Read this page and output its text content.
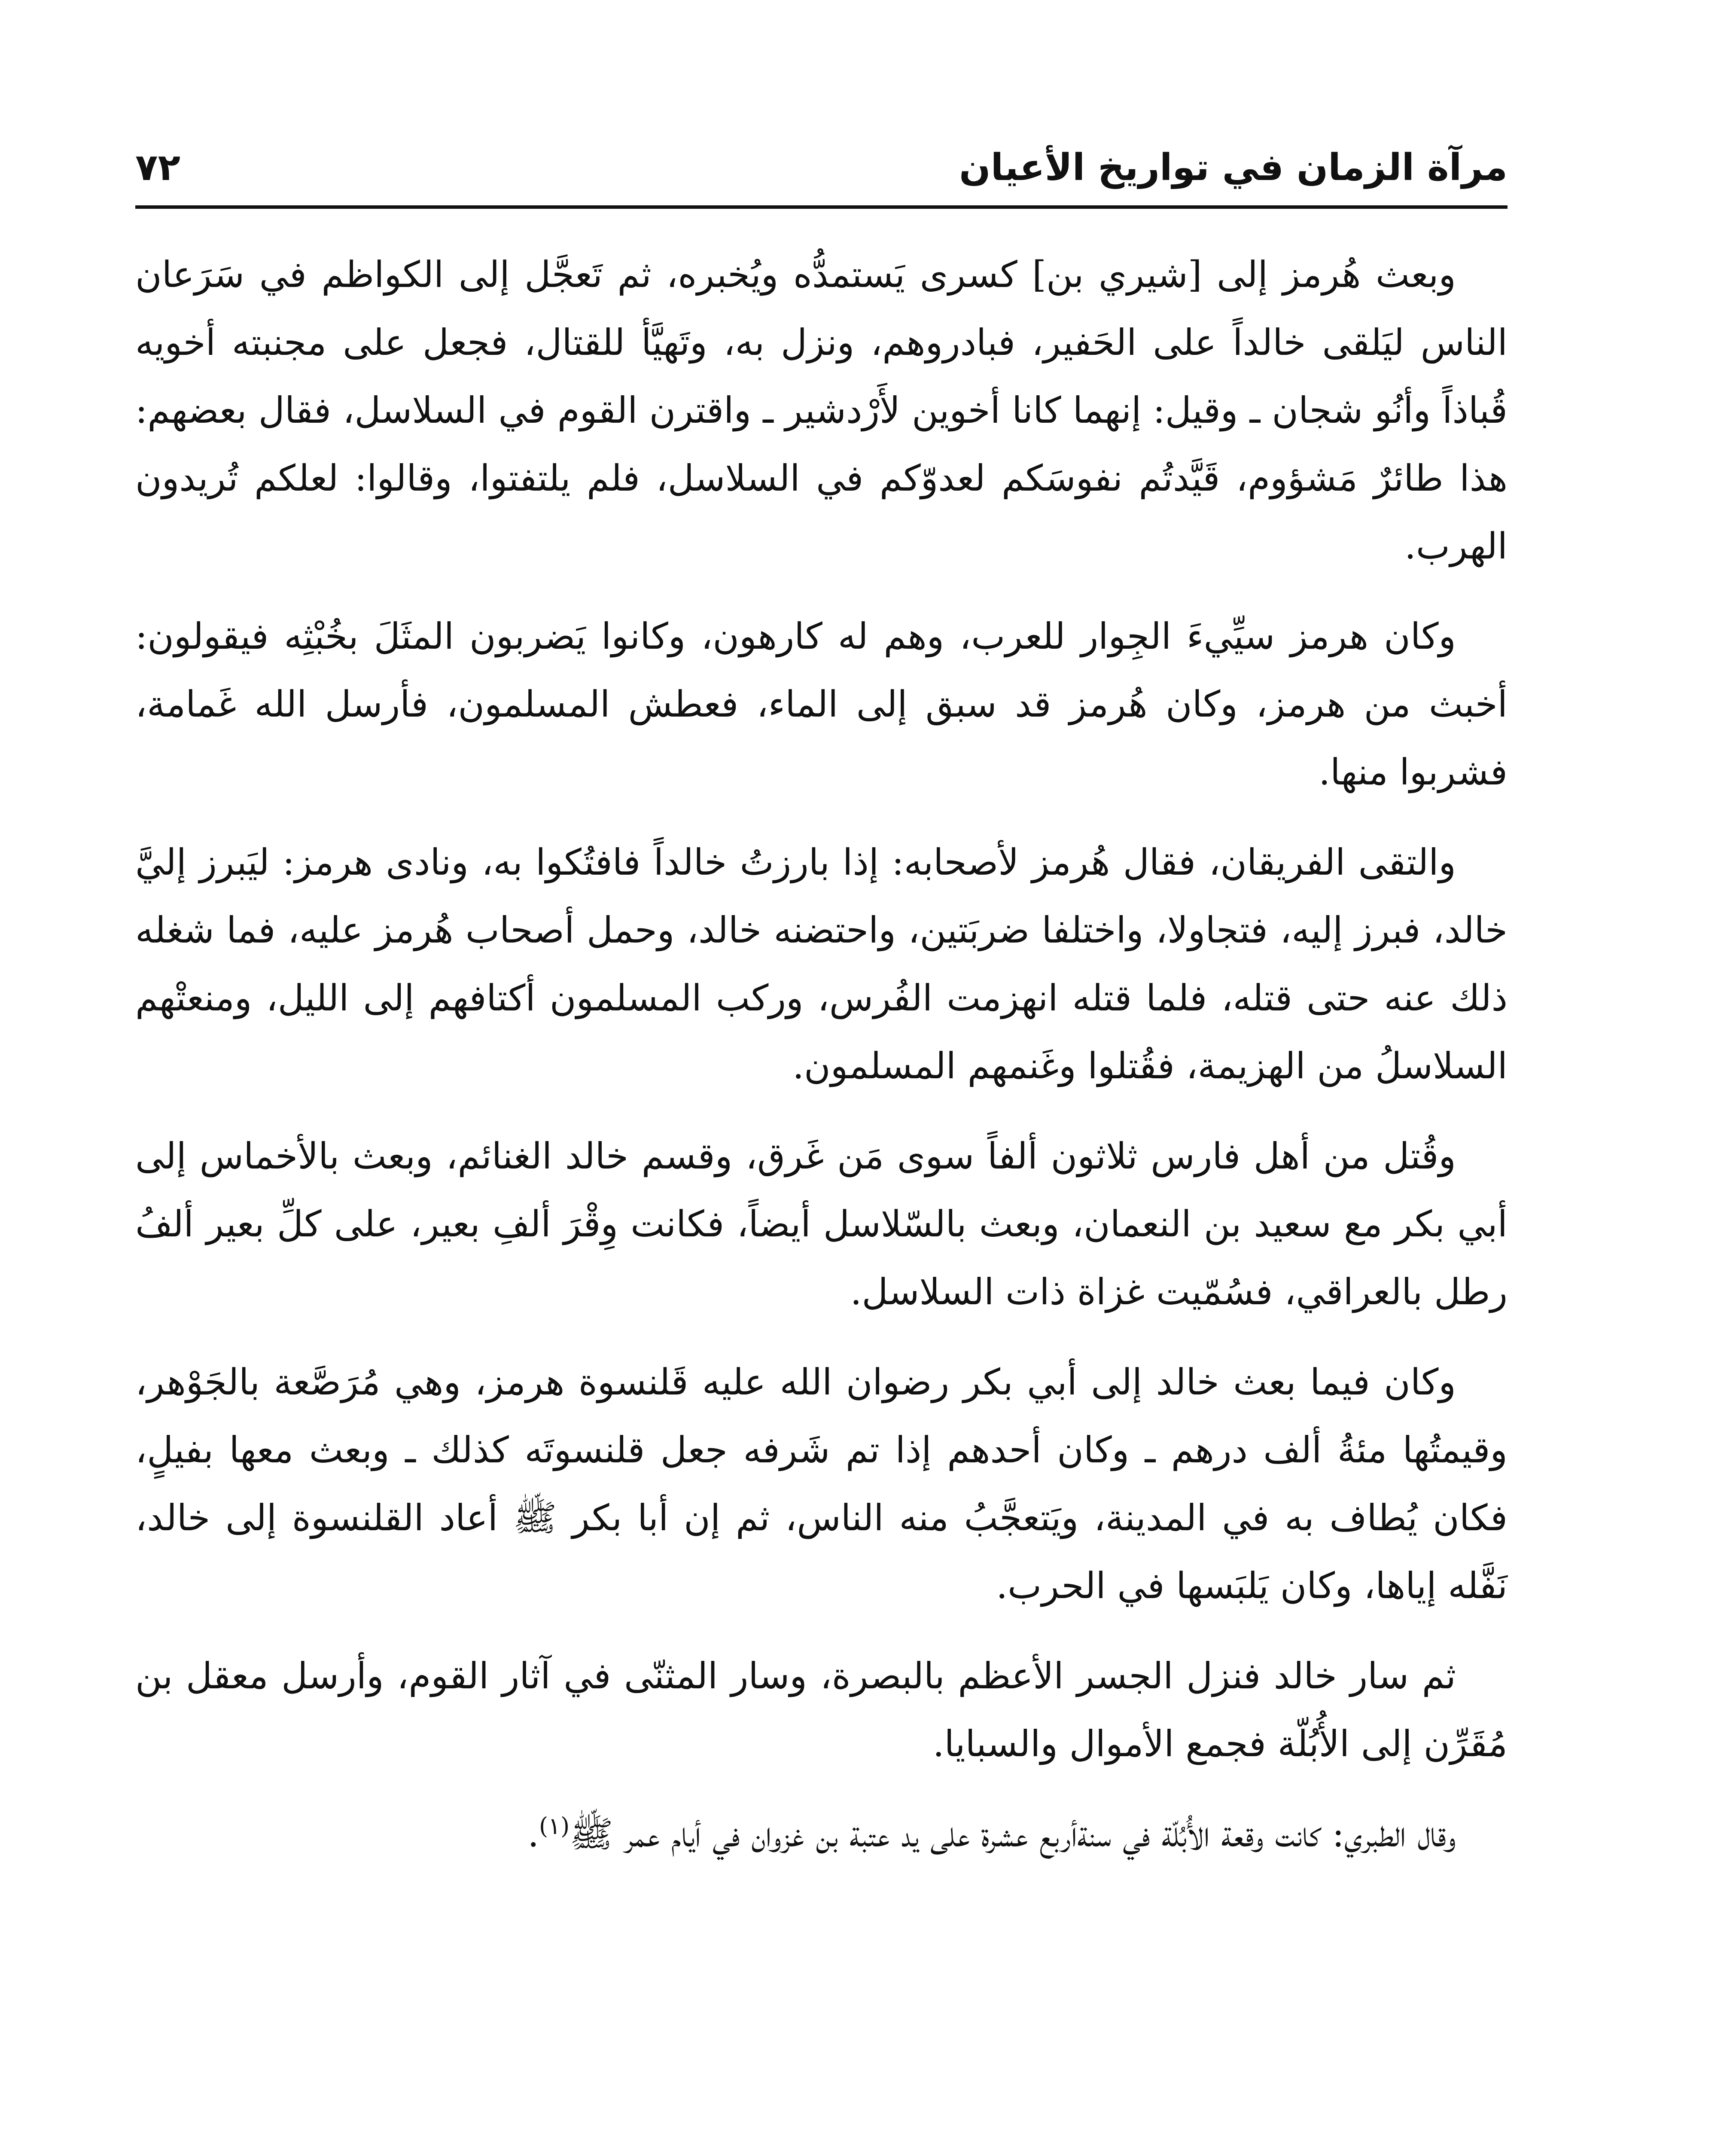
٧٢	مرآة الزمان في تواريخ الأعيان

وبعث هُرمز إلى [شيري بن] كسرى يَستمدُّه ويُخبره، ثم تَعجَّل إلى الكواظم في سَرَعان الناس ليَلقى خالداً على الحَفير، فبادروهم، ونزل به، وتَهيَّأ للقتال، فجعل على مجنبته أخويه قُباذاً وأنُو شجان ـ وقيل: إنهما كانا أخوين لأَرْدشير ـ واقترن القوم في السلاسل، فقال بعضهم: هذا طائرٌ مَشؤوم، قَيَّدتُم نفوسَكم لعدوّكم في السلاسل، فلم يلتفتوا، وقالوا: لعلكم تُريدون الهرب.

وكان هرمز سيِّيءَ الجِوار للعرب، وهم له كارهون، وكانوا يَضربون المثَلَ بخُبْثِه فيقولون: أخبث من هرمز، وكان هُرمز قد سبق إلى الماء، فعطش المسلمون، فأرسل الله غَمامة، فشربوا منها.

والتقى الفريقان، فقال هُرمز لأصحابه: إذا بارزتُ خالداً فافتُكوا به، ونادى هرمز: ليَبرز إليَّ خالد، فبرز إليه، فتجاولا، واختلفا ضربَتين، واحتضنه خالد، وحمل أصحاب هُرمز عليه، فما شغله ذلك عنه حتى قتله، فلما قتله انهزمت الفُرس، وركب المسلمون أكتافهم إلى الليل، ومنعتْهم السلاسلُ من الهزيمة، فقُتلوا وغَنمهم المسلمون.

وقُتل من أهل فارس ثلاثون ألفاً سوى مَن غَرق، وقسم خالد الغنائم، وبعث بالأخماس إلى أبي بكر مع سعيد بن النعمان، وبعث بالسّلاسل أيضاً، فكانت وِقْرَ ألفِ بعير، على كلِّ بعير ألفُ رطل بالعراقي، فسُمّيت غزاة ذات السلاسل.

وكان فيما بعث خالد إلى أبي بكر رضوان الله عليه قَلنسوة هرمز، وهي مُرَصَّعة بالجَوْهر، وقيمتُها مئةُ ألف درهم ـ وكان أحدهم إذا تم شَرفه جعل قلنسوتَه كذلك ـ وبعث معها بفيلٍ، فكان يُطاف به في المدينة، ويَتعجَّبُ منه الناس، ثم إن أبا بكر ﷺ أعاد القلنسوة إلى خالد، نَفَّله إياها، وكان يَلبَسها في الحرب.

ثم سار خالد فنزل الجسر الأعظم بالبصرة، وسار المثنّى في آثار القوم، وأرسل معقل بن مُقَرِّن إلى الأُبُلّة فجمع الأموال والسبايا.

وقال الطبري: كانت وقعة الأُبُلّة في سنةأربع عشرة على يد عتبة بن غزوان في أيام عمر ﷺ$^{(١)}$.
